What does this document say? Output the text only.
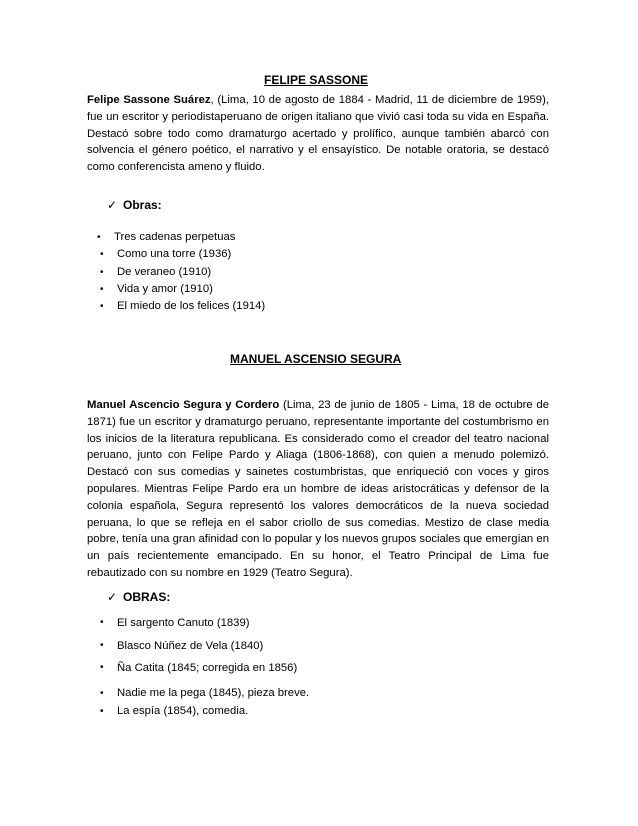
FELIPE SASSONE

Felipe Sassone Suárez, (Lima, 10 de agosto de 1884 - Madrid, 11 de diciembre de 1959), fue un escritor y periodistaperuano de origen italiano que vivió casi toda su vida en España. Destacó sobre todo como dramaturgo acertado y prolífico, aunque también abarcó con solvencia el género poético, el narrativo y el ensayístico. De notable oratoria, se destacó como conferencista ameno y fluido.

✓ Obras:
• Tres cadenas perpetuas
• Como una torre (1936)
• De veraneo (1910)
• Vida y amor (1910)
• El miedo de los felices (1914)
MANUEL ASCENSIO SEGURA

Manuel Ascencio Segura y Cordero (Lima, 23 de junio de 1805 - Lima, 18 de octubre de 1871) fue un escritor y dramaturgo peruano, representante importante del costumbrismo en los inicios de la literatura republicana. Es considerado como el creador del teatro nacional peruano, junto con Felipe Pardo y Aliaga (1806-1868), con quien a menudo polemizó. Destacó con sus comedias y sainetes costumbristas, que enriqueció con voces y giros populares. Mientras Felipe Pardo era un hombre de ideas aristocráticas y defensor de la colonia española, Segura representó los valores democráticos de la nueva sociedad peruana, lo que se refleja en el sabor criollo de sus comedias. Mestizo de clase media pobre, tenía una gran afinidad con lo popular y los nuevos grupos sociales que emergían en un país recientemente emancipado. En su honor, el Teatro Principal de Lima fue rebautizado con su nombre en 1929 (Teatro Segura).

✓ OBRAS:
• El sargento Canuto (1839)
• Blasco Núñez de Vela (1840)
• Ña Catita (1845; corregida en 1856)
• Nadie me la pega (1845), pieza breve.
• La espía (1854), comedia.
